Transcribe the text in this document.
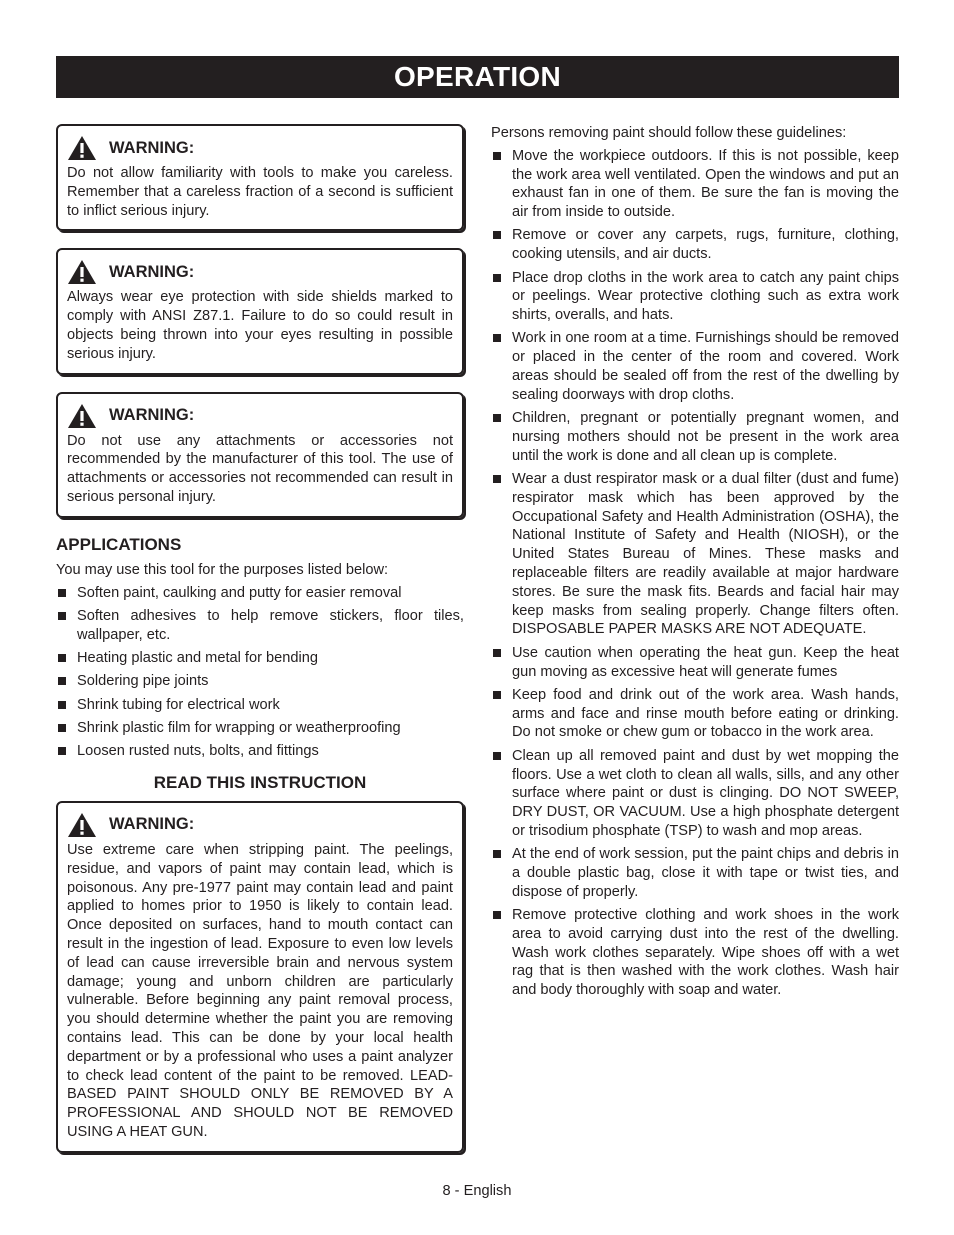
OPERATION
WARNING:
Do not allow familiarity with tools to make you careless. Remember that a careless fraction of a second is sufficient to inflict serious injury.
WARNING:
Always wear eye protection with side shields marked to comply with ANSI Z87.1. Failure to do so could result in objects being thrown into your eyes resulting in possible serious injury.
WARNING:
Do not use any attachments or accessories not recommended by the manufacturer of this tool. The use of attachments or accessories not recommended can result in serious personal injury.
APPLICATIONS

You may use this tool for the purposes listed below:

Soften paint, caulking and putty for easier removal
Soften adhesives to help remove stickers, floor tiles, wallpaper, etc.
Heating plastic and metal for bending
Soldering pipe joints
Shrink tubing for electrical work
Shrink plastic film for wrapping or weatherproofing
Loosen rusted nuts, bolts, and fittings
READ THIS INSTRUCTION
WARNING:
Use extreme care when stripping paint. The peelings, residue, and vapors of paint may contain lead, which is poisonous. Any pre-1977 paint may contain lead and paint applied to homes prior to 1950 is likely to contain lead. Once deposited on surfaces, hand to mouth contact can result in the ingestion of lead. Exposure to even low levels of lead can cause irreversible brain and nervous system damage; young and unborn children are particularly vulnerable. Before beginning any paint removal process, you should determine whether the paint you are removing contains lead. This can be done by your local health department or by a professional who uses a paint analyzer to check lead content of the paint to be removed. LEAD-BASED PAINT SHOULD ONLY BE REMOVED BY A PROFESSIONAL AND SHOULD NOT BE REMOVED USING A HEAT GUN.

Persons removing paint should follow these guidelines:

Move the workpiece outdoors. If this is not possible, keep the work area well ventilated. Open the windows and put an exhaust fan in one of them. Be sure the fan is moving the air from inside to outside.
Remove or cover any carpets, rugs, furniture, clothing, cooking utensils, and air ducts.
Place drop cloths in the work area to catch any paint chips or peelings. Wear protective clothing such as extra work shirts, overalls, and hats.
Work in one room at a time. Furnishings should be removed or placed in the center of the room and covered. Work areas should be sealed off from the rest of the dwelling by sealing doorways with drop cloths.
Children, pregnant or potentially pregnant women, and nursing mothers should not be present in the work area until the work is done and all clean up is complete.
Wear a dust respirator mask or a dual filter (dust and fume) respirator mask which has been approved by the Occupational Safety and Health Administration (OSHA), the National Institute of Safety and Health (NIOSH), or the United States Bureau of Mines. These masks and replaceable filters are readily available at major hardware stores. Be sure the mask fits. Beards and facial hair may keep masks from sealing properly. Change filters often. DISPOSABLE PAPER MASKS ARE NOT ADEQUATE.
Use caution when operating the heat gun. Keep the heat gun moving as excessive heat will generate fumes
Keep food and drink out of the work area. Wash hands, arms and face and rinse mouth before eating or drinking. Do not smoke or chew gum or tobacco in the work area.
Clean up all removed paint and dust by wet mopping the floors. Use a wet cloth to clean all walls, sills, and any other surface where paint or dust is clinging. DO NOT SWEEP, DRY DUST, OR VACUUM. Use a high phosphate detergent or trisodium phosphate (TSP) to wash and mop areas.
At the end of work session, put the paint chips and debris in a double plastic bag, close it with tape or twist ties, and dispose of properly.
Remove protective clothing and work shoes in the work area to avoid carrying dust into the rest of the dwelling. Wash work clothes separately. Wipe shoes off with a wet rag that is then washed with the work clothes. Wash hair and body thoroughly with soap and water.
8 - English
